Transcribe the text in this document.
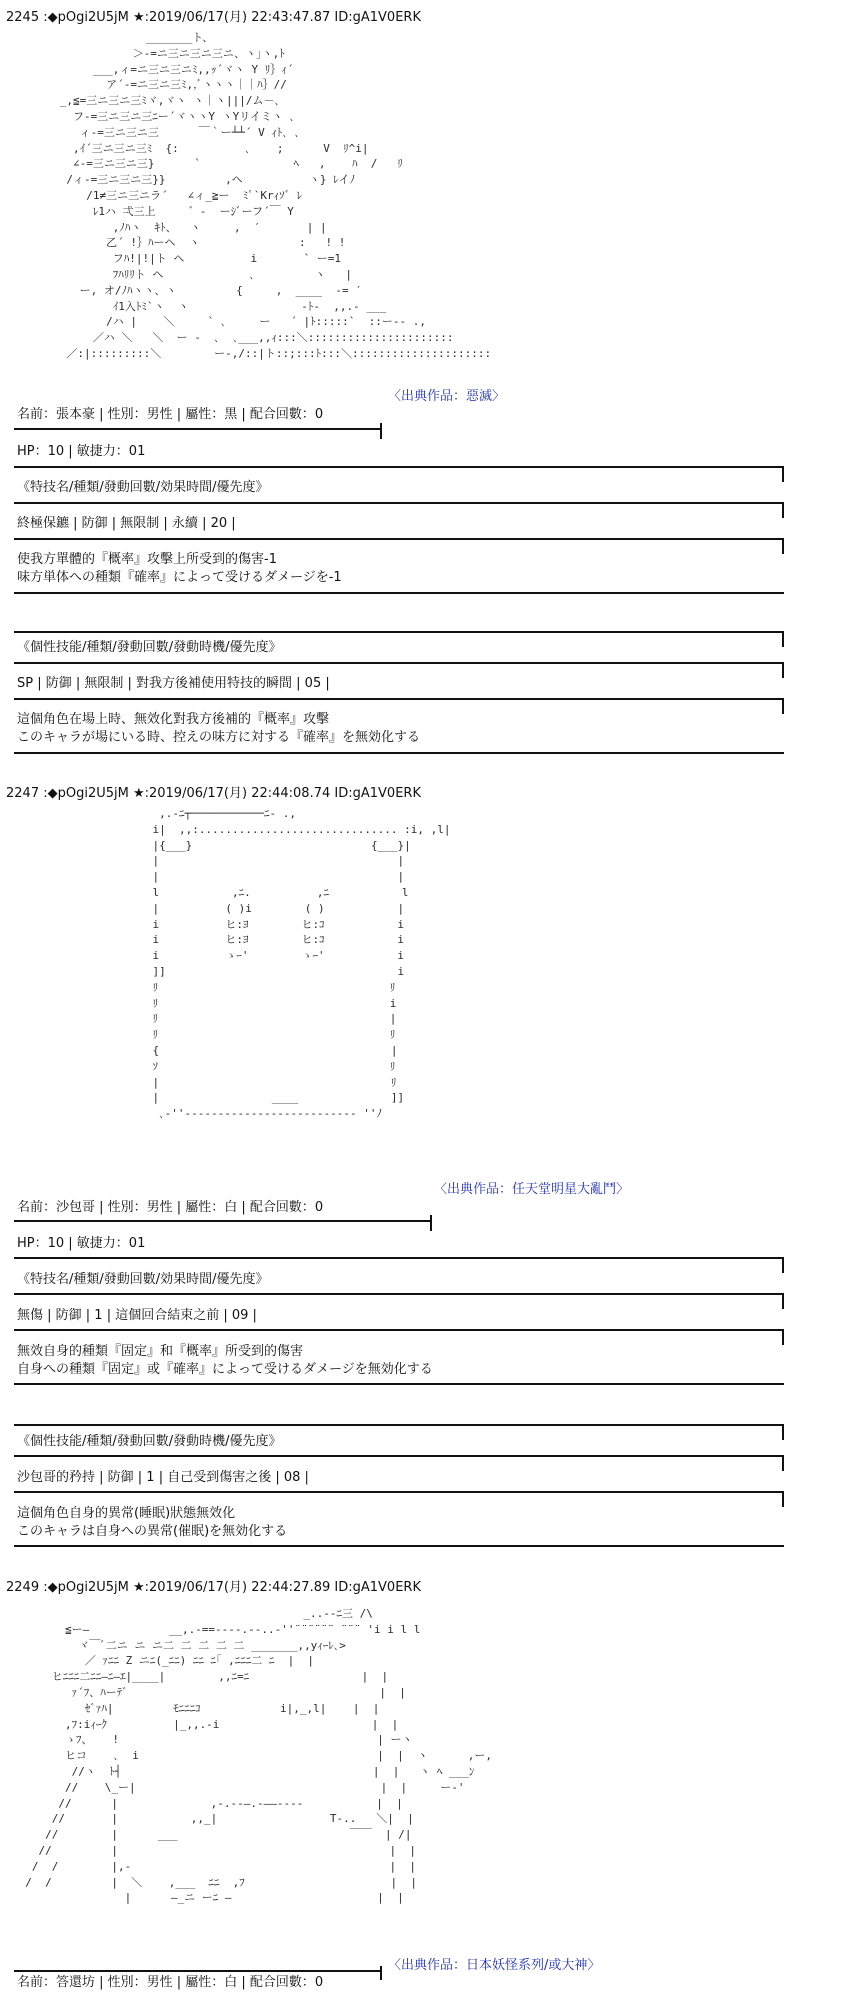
2245 :◆pOgi2U5jM ★:2019/06/17(月) 22:43:47.87 ID:gA1V0ERK
_______ト、
＞-=ニ三ニ三ニ三ニ、ヽ｣ヽ,ﾄ
___,ィ=ニ三ニ三ニﾐ,,ｯ´ヾヽ Y ﾘ｝ｨ´
ア´-=ニ三ニ三ﾐ,,ﾞヽヽヽ｜｜ﾊ｝//
_,≦=三ニ三ニ三ﾐヾ,ヾヽ ヽ｜ヽ|||/ム－､
フ-=三ニ三ニ三ﾆー´ヾヽヽY ヽYリイミヽ ､
ィ-=三ニ三ニ三      ￣｀ー┴┴´ V ｨﾄ､ ､
,ｲ´三ニ三ニ三ﾐ  {:          ､    ;      V  ﾘ^i|
∠-=三ニ三ニ三}      `              ﾍ   ,    ﾊ  /   ﾘ
/ィ-=三ニ三ニ三}}         ,ヘ          ヽ} ﾚイﾉ
/1≠三ニ三ニラ´   ∠ィ_≧ー  ﾐﾟ`Krｨｿﾞ ﾚ
ﾚ1ハ 弌三上     ゛-  ーｼﾞーフ´￣ Y
,ﾉﾊヽ  ｷﾄ、  ヽ     ,  ′       | |
乙´ !｝ﾊーヘ  ヽ               :   ! !
フﾊ!|!|ト ヘ          i       ` ー=1
ﾌﾊﾘﾘト ヘ             ､         ヽ   |
ー, オ/ﾉﾊヽヽ、ヽ         {     ,  ____  -= ′
ｲ1入ﾄﾐ`ヽ  ヽ                 -ﾄ-  ,,.- ___
/ハ |    ＼     ` ､     ー   ´ |ﾄ:::::`  ::ー-- .,
／ハ ＼   ＼  ー -  ､  ､___,,ｨ:::＼::::::::::::::::::::::
／:|:::::::::＼        ー-,/::|ト::;:::ﾄ:::＼:::::::::::::::::::::
〈出典作品：惡滅〉
名前：張本豪 | 性別：男性 | 屬性：黒 | 配合回數：0
HP：10 | 敏捷力：01
《特技名/種類/發動回數/効果時間/優先度》
終極保鑣 | 防御 | 無限制 | 永續 | 20 |
使我方單體的『概率』攻擊上所受到的傷害-1
味方単体への種類『確率』によって受けるダメージを-1
《個性技能/種類/發動回數/發動時機/優先度》
SP | 防御 | 無限制 | 對我方後補使用特技的瞬間 | 05 |
這個角色在場上時、無效化對我方後補的『概率』攻擊
このキャラが場にいる時、控えの味方に対する『確率』を無効化する
2247 :◆pOgi2U5jM ★:2019/06/17(月) 22:44:08.74 ID:gA1V0ERK
,.-ﾆ┬───────────ﾆ- .,
i|  ,,:.............................. :i, ,l|
|{___}                           {___}|
|                                    |
|                                    |
l           ,ﾆ.          ,ﾆ           l
|          ( )i        ( )           |
i          ヒ:ﾖ        ヒ:ｺ           i
i          ヒ:ﾖ        ヒ:ｺ           i
i          ゝｰ'        ゝｰ'           i
]]                                   i
ﾘ                                   ﾘ
ﾘ                                   i
ﾘ                                   |
ﾘ                                   ﾘ
{                                   |
ｿ                                   ﾘ
|                                   ﾘ
|                 ____              ]]
､-''-------------------------- ''ﾉ
〈出典作品：任天堂明星大亂鬥〉
名前：沙包哥 | 性別：男性 | 屬性：白 | 配合回數：0
HP：10 | 敏捷力：01
《特技名/種類/發動回數/効果時間/優先度》
無傷 | 防御 | 1 | 這個回合結束之前 | 09 |
無效自身的種類『固定』和『概率』所受到的傷害
自身への種類『固定』或『確率』によって受けるダメージを無効化する
《個性技能/種類/發動回數/發動時機/優先度》
沙包哥的矜持 | 防御 | 1 | 自己受到傷害之後 | 08 |
這個角色自身的異常(睡眠)狀態無效化
このキャラは自身への異常(催眠)を無効化する
2249 :◆pOgi2U5jM ★:2019/06/17(月) 22:44:27.89 ID:gA1V0ERK
_..--ﾆ三 /\
≦ー―            __,.-==----.--..-''¨¨¨¨¨¨ ¨¨¨ 'i i l l
ヾ￣ﾞ二ニ ニ ニ二 二 二 二 二 _______,,yｨｰﾚ､>
／ ｧﾆﾆ Z ニﾆ(_ﾆﾆ) ﾆﾆ ﾆ｢ ,ﾆﾆﾆ二 ﾆ  |  |
ヒﾆﾆﾆ二ﾆﾆ―ﾆ―ｴ|____|        ,,ﾆ=ﾆ                 |  |
ｧ´ﾌ、ﾊーﾃﾞ                                      |  |
ｾﾞｧﾊ|         ﾓﾆﾆﾆｺ            i|,_,l|    |  |
,ﾌ:iｨｰｸ          |_,,.-i                       |  |
ゝﾌ、   !                                       | ーヽ
ヒコ    ､  i                                    |  |  ヽ      ,ー,
//ヽ  ﾄ┤                                      |  |   ヽ ﾍ ___ﾝ
//    \_ー|                                     |  |     ー-'
//      |              ,-.-‐―.-――----           |  |
//       |           ,,_|                 T-..   ＼|  |
//        |      ___                          ￣￣  | /|
//         |                                         |  |
/  /        |,-                                       |  |
/  /         |  ＼    ,___  ﾆﾆ  ,ﾌ                      |  |
|      ―_ニ ーﾆ ―                      |  |
〈出典作品：日本妖怪系列/或大神〉
名前：答還坊 | 性別：男性 | 屬性：白 | 配合回數：0
